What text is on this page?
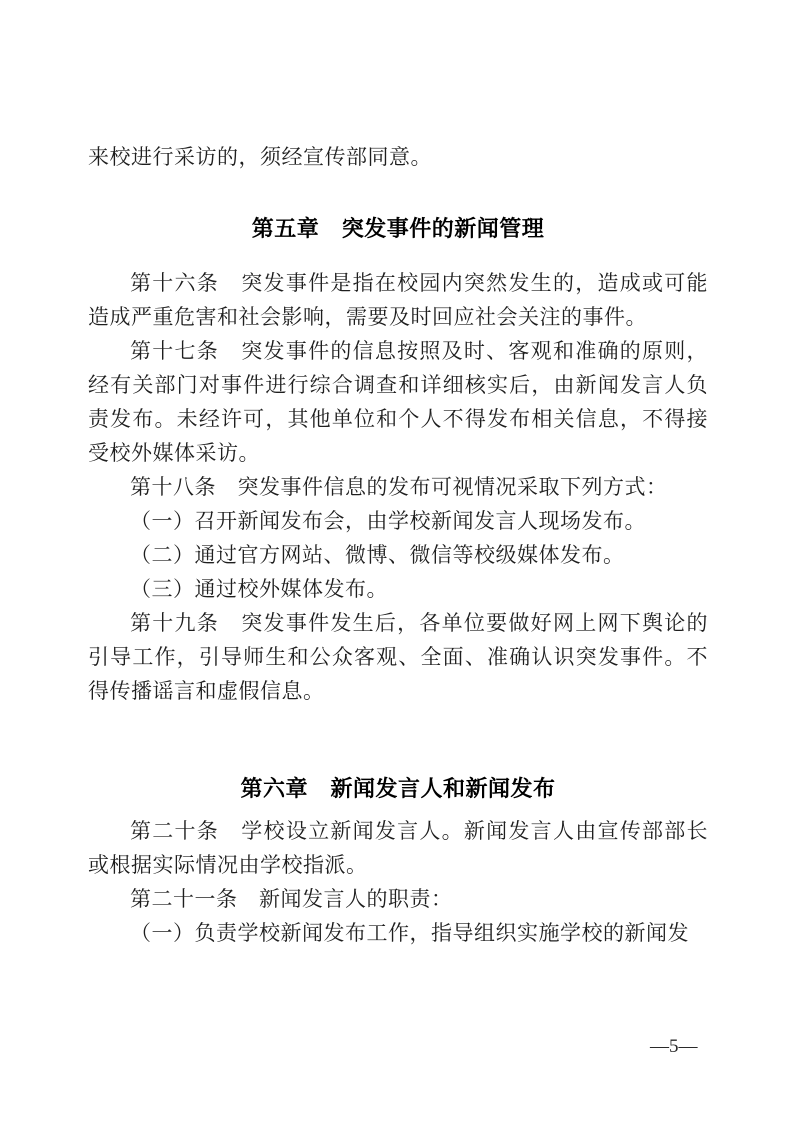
来校进行采访的，须经宣传部同意。

第五章　突发事件的新闻管理

第十六条　突发事件是指在校园内突然发生的，造成或可能造成严重危害和社会影响，需要及时回应社会关注的事件。

第十七条　突发事件的信息按照及时、客观和准确的原则，经有关部门对事件进行综合调查和详细核实后，由新闻发言人负责发布。未经许可，其他单位和个人不得发布相关信息，不得接受校外媒体采访。

第十八条　突发事件信息的发布可视情况采取下列方式：

（一）召开新闻发布会，由学校新闻发言人现场发布。

（二）通过官方网站、微博、微信等校级媒体发布。

（三）通过校外媒体发布。

第十九条　突发事件发生后，各单位要做好网上网下舆论的引导工作，引导师生和公众客观、全面、准确认识突发事件。不得传播谣言和虚假信息。

第六章　新闻发言人和新闻发布

第二十条　学校设立新闻发言人。新闻发言人由宣传部部长或根据实际情况由学校指派。

第二十一条　新闻发言人的职责：

（一）负责学校新闻发布工作，指导组织实施学校的新闻发

—5—
